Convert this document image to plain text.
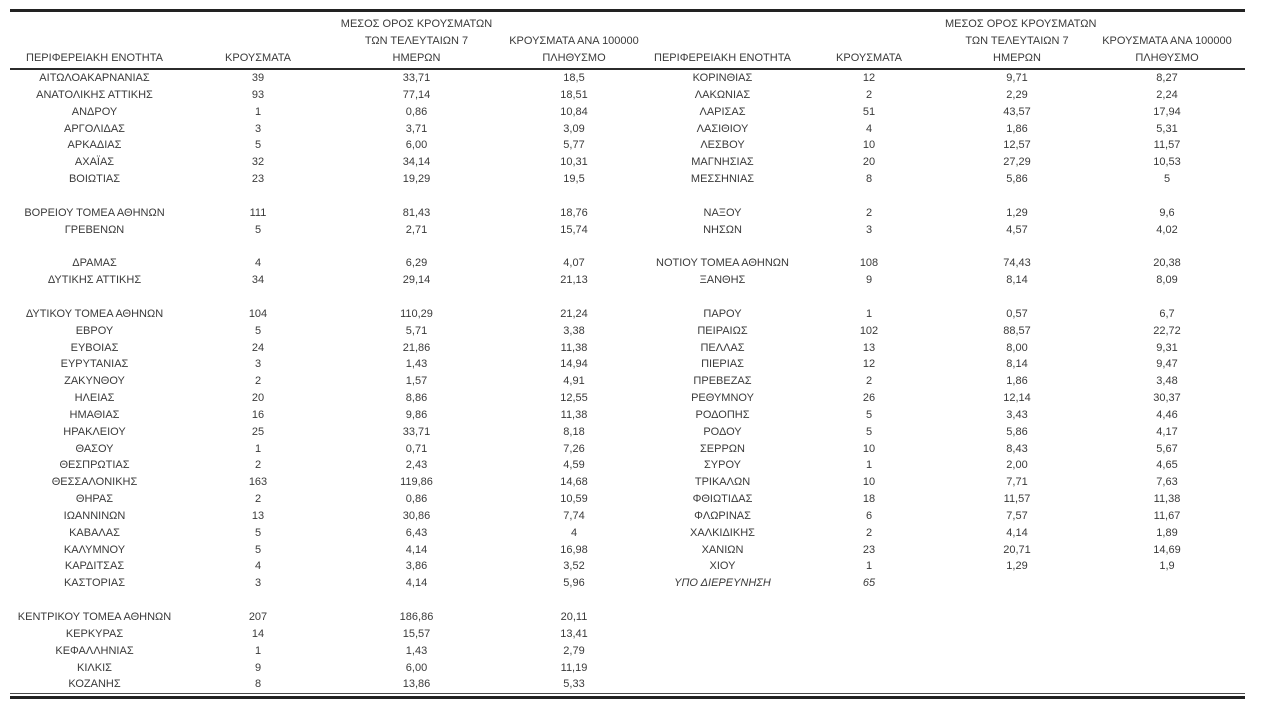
ΠΕΡΙΦΕΡΕΙΑΚΗ ΕΝΟΤΗΤΑ	ΚΡΟΥΣΜΑΤΑ	
ΜΕΣΟΣ ΟΡΟΣ ΚΡΟΥΣΜΑΤΩΝ
ΤΩΝ ΤΕΛΕΥΤΑΙΩΝ 7
ΗΜΕΡΩΝ

ΚΡΟΥΣΜΑΤΑ ΑΝΑ 100000
ΠΛΗΘΥΣΜΟ	ΠΕΡΙΦΕΡΕΙΑΚΗ ΕΝΟΤΗΤΑ	ΚΡΟΥΣΜΑΤΑ	
ΜΕΣΟΣ ΟΡΟΣ ΚΡΟΥΣΜΑΤΩΝ
ΤΩΝ ΤΕΛΕΥΤΑΙΩΝ 7
ΗΜΕΡΩΝ

ΚΡΟΥΣΜΑΤΑ ΑΝΑ 100000
ΠΛΗΘΥΣΜΟ

ΑΙΤΩΛΟΑΚΑΡΝΑΝΙΑΣ	39	33,71	18,5	ΚΟΡΙΝΘΙΑΣ	12	9,71	8,27
ΑΝΑΤΟΛΙΚΗΣ ΑΤΤΙΚΗΣ	93	77,14	18,51	ΛΑΚΩΝΙΑΣ	2	2,29	2,24
ΑΝΔΡΟΥ	1	0,86	10,84	ΛΑΡΙΣΑΣ	51	43,57	17,94
ΑΡΓΟΛΙΔΑΣ	3	3,71	3,09	ΛΑΣΙΘΙΟΥ	4	1,86	5,31
ΑΡΚΑΔΙΑΣ	5	6,00	5,77	ΛΕΣΒΟΥ	10	12,57	11,57
ΑΧΑΪΑΣ	32	34,14	10,31	ΜΑΓΝΗΣΙΑΣ	20	27,29	10,53
ΒΟΙΩΤΙΑΣ	23	19,29	19,5	ΜΕΣΣΗΝΙΑΣ	8	5,86	5

ΒΟΡΕΙΟΥ ΤΟΜΕΑ ΑΘΗΝΩΝ	111	81,43	18,76	ΝΑΞΟΥ	2	1,29	9,6
ΓΡΕΒΕΝΩΝ	5	2,71	15,74	ΝΗΣΩΝ	3	4,57	4,02

ΔΡΑΜΑΣ	4	6,29	4,07	ΝΟΤΙΟΥ ΤΟΜΕΑ ΑΘΗΝΩΝ	108	74,43	20,38
ΔΥΤΙΚΗΣ ΑΤΤΙΚΗΣ	34	29,14	21,13	ΞΑΝΘΗΣ	9	8,14	8,09

ΔΥΤΙΚΟΥ ΤΟΜΕΑ ΑΘΗΝΩΝ	104	110,29	21,24	ΠΑΡΟΥ	1	0,57	6,7
ΕΒΡΟΥ	5	5,71	3,38	ΠΕΙΡΑΙΩΣ	102	88,57	22,72
ΕΥΒΟΙΑΣ	24	21,86	11,38	ΠΕΛΛΑΣ	13	8,00	9,31
ΕΥΡΥΤΑΝΙΑΣ	3	1,43	14,94	ΠΙΕΡΙΑΣ	12	8,14	9,47
ΖΑΚΥΝΘΟΥ	2	1,57	4,91	ΠΡΕΒΕΖΑΣ	2	1,86	3,48
ΗΛΕΙΑΣ	20	8,86	12,55	ΡΕΘΥΜΝΟΥ	26	12,14	30,37
ΗΜΑΘΙΑΣ	16	9,86	11,38	ΡΟΔΟΠΗΣ	5	3,43	4,46
ΗΡΑΚΛΕΙΟΥ	25	33,71	8,18	ΡΟΔΟΥ	5	5,86	4,17
ΘΑΣΟΥ	1	0,71	7,26	ΣΕΡΡΩΝ	10	8,43	5,67
ΘΕΣΠΡΩΤΙΑΣ	2	2,43	4,59	ΣΥΡΟΥ	1	2,00	4,65
ΘΕΣΣΑΛΟΝΙΚΗΣ	163	119,86	14,68	ΤΡΙΚΑΛΩΝ	10	7,71	7,63
ΘΗΡΑΣ	2	0,86	10,59	ΦΘΙΩΤΙΔΑΣ	18	11,57	11,38
ΙΩΑΝΝΙΝΩΝ	13	30,86	7,74	ΦΛΩΡΙΝΑΣ	6	7,57	11,67
ΚΑΒΑΛΑΣ	5	6,43	4	ΧΑΛΚΙΔΙΚΗΣ	2	4,14	1,89
ΚΑΛΥΜΝΟΥ	5	4,14	16,98	ΧΑΝΙΩΝ	23	20,71	14,69
ΚΑΡΔΙΤΣΑΣ	4	3,86	3,52	ΧΙΟΥ	1	1,29	1,9
ΚΑΣΤΟΡΙΑΣ	3	4,14	5,96	ΥΠΟ ΔΙΕΡΕΥΝΗΣΗ	65		

ΚΕΝΤΡΙΚΟΥ ΤΟΜΕΑ ΑΘΗΝΩΝ	207	186,86	20,11				
ΚΕΡΚΥΡΑΣ	14	15,57	13,41				
ΚΕΦΑΛΛΗΝΙΑΣ	1	1,43	2,79				
ΚΙΛΚΙΣ	9	6,00	11,19				
ΚΟΖΑΝΗΣ	8	13,86	5,33				
